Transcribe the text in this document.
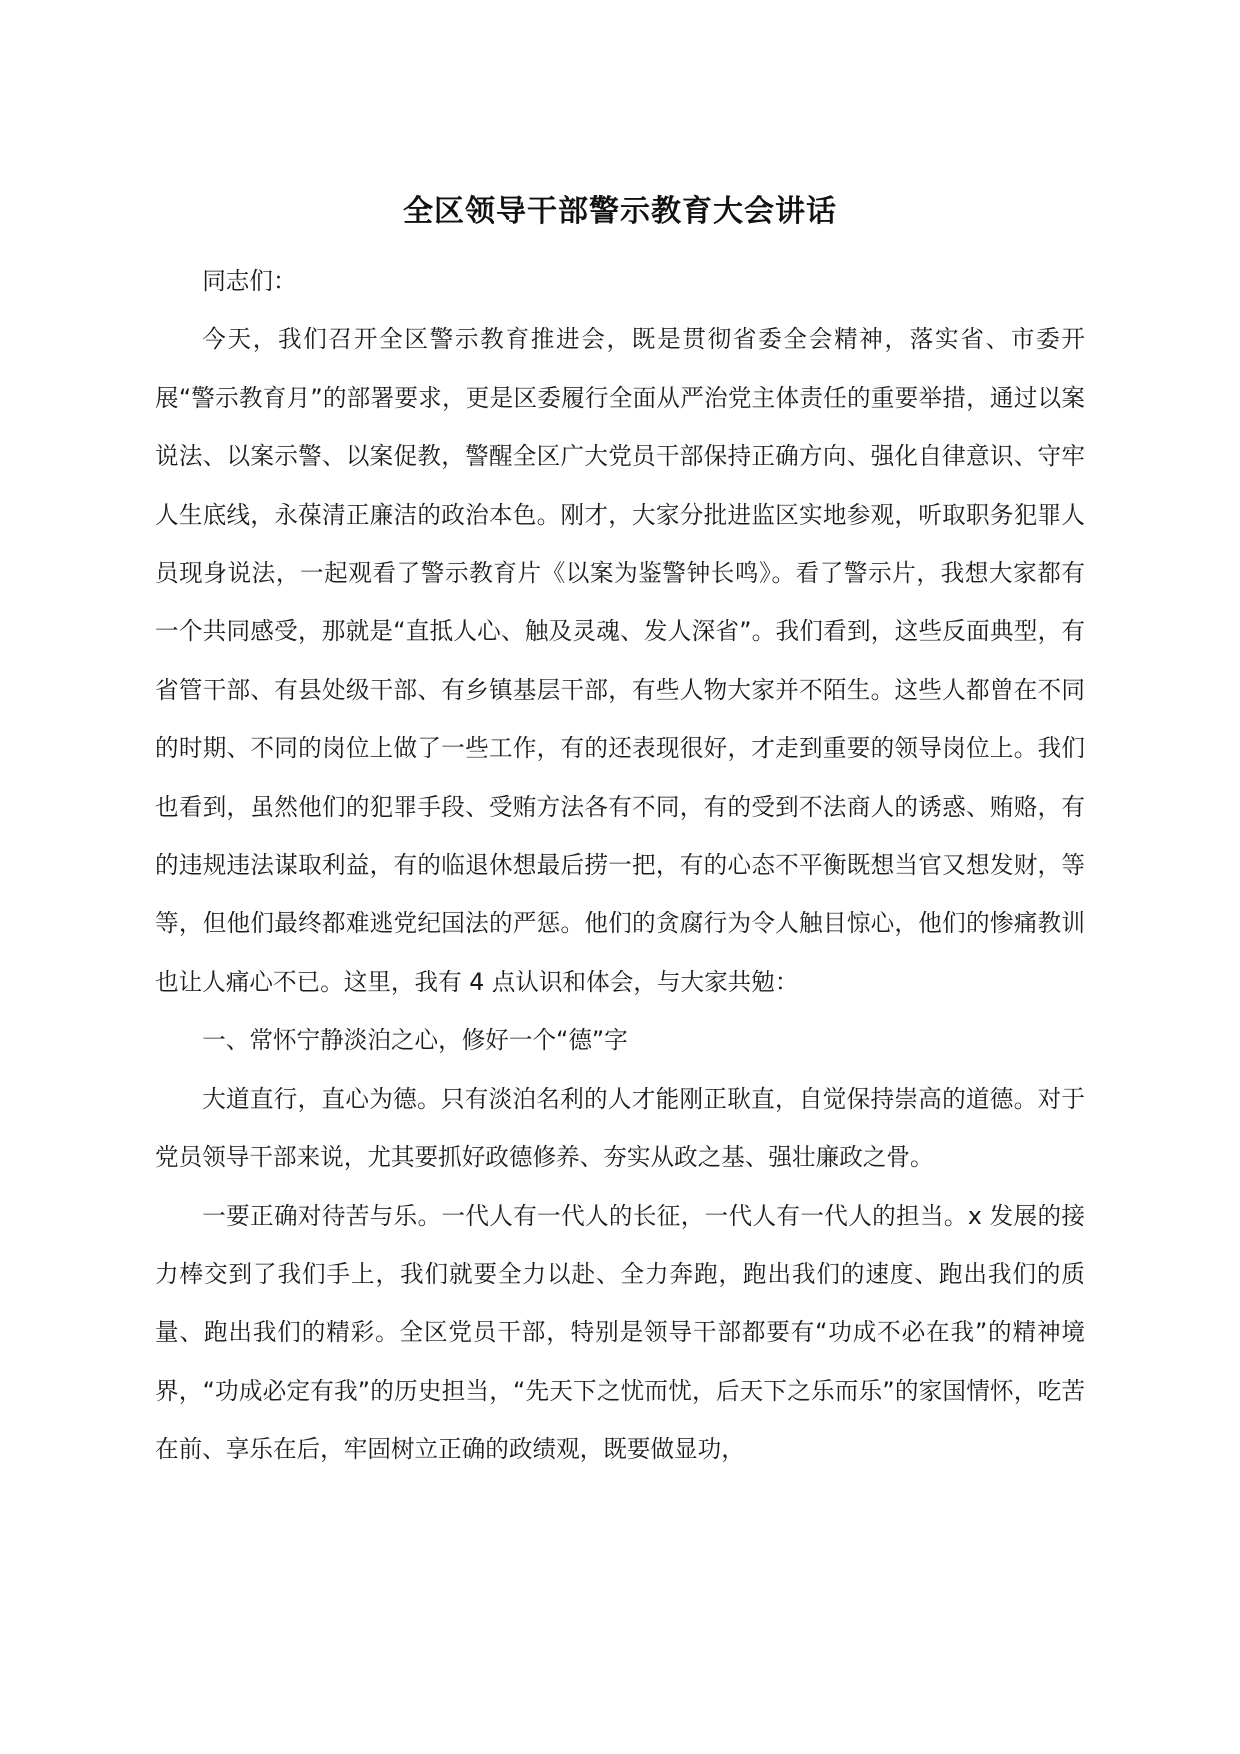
全区领导干部警示教育大会讲话

同志们：

今天，我们召开全区警示教育推进会，既是贯彻省委全会精神，落实省、市委开展“警示教育月”的部署要求，更是区委履行全面从严治党主体责任的重要举措，通过以案说法、以案示警、以案促教，警醒全区广大党员干部保持正确方向、强化自律意识、守牢人生底线，永葆清正廉洁的政治本色。刚才，大家分批进监区实地参观，听取职务犯罪人员现身说法，一起观看了警示教育片《以案为鉴警钟长鸣》。看了警示片，我想大家都有一个共同感受，那就是“直抵人心、触及灵魂、发人深省”。我们看到，这些反面典型，有省管干部、有县处级干部、有乡镇基层干部，有些人物大家并不陌生。这些人都曾在不同的时期、不同的岗位上做了一些工作，有的还表现很好，才走到重要的领导岗位上。我们也看到，虽然他们的犯罪手段、受贿方法各有不同，有的受到不法商人的诱惑、贿赂，有的违规违法谋取利益，有的临退休想最后捞一把，有的心态不平衡既想当官又想发财，等等，但他们最终都难逃党纪国法的严惩。他们的贪腐行为令人触目惊心，他们的惨痛教训也让人痛心不已。这里，我有 4 点认识和体会，与大家共勉：

一、常怀宁静淡泊之心，修好一个“德”字

大道直行，直心为德。只有淡泊名利的人才能刚正耿直，自觉保持崇高的道德。对于党员领导干部来说，尤其要抓好政德修养、夯实从政之基、强壮廉政之骨。

一要正确对待苦与乐。一代人有一代人的长征，一代人有一代人的担当。x 发展的接力棒交到了我们手上，我们就要全力以赴、全力奔跑，跑出我们的速度、跑出我们的质量、跑出我们的精彩。全区党员干部，特别是领导干部都要有“功成不必在我”的精神境界，“功成必定有我”的历史担当，“先天下之忧而忧，后天下之乐而乐”的家国情怀，吃苦在前、享乐在后，牢固树立正确的政绩观，既要做显功，
